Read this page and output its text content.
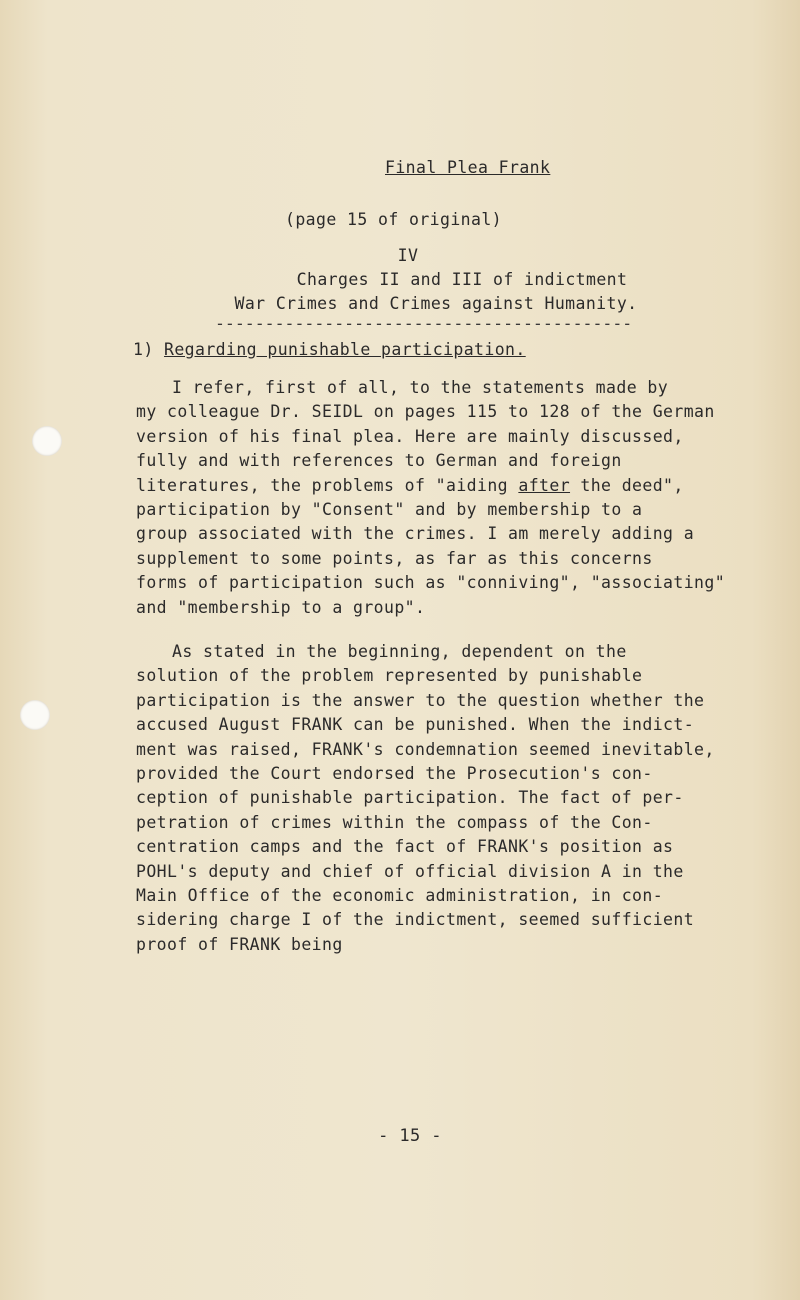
Final Plea Frank
(page 15 of original)
IV
Charges II and III of indictment
War Crimes and Crimes against Humanity.
------------------------------------------
1) Regarding punishable participation.
I refer, first of all, to the statements made by
my colleague Dr. SEIDL on pages 115 to 128 of the German
version of his final plea. Here are mainly discussed,
fully and with references to German and foreign
literatures, the problems of "aiding after the deed",
participation by "Consent" and by membership to a
group associated with the crimes. I am merely adding a
supplement to some points, as far as this concerns
forms of participation such as "conniving", "associating"
and "membership to a group".
As stated in the beginning, dependent on the
solution of the problem represented by punishable
participation is the answer to the question whether the
accused August FRANK can be punished. When the indict-
ment was raised, FRANK's condemnation seemed inevitable,
provided the Court endorsed the Prosecution's con-
ception of punishable participation. The fact of per-
petration of crimes within the compass of the Con-
centration camps and the fact of FRANK's position as
POHL's deputy and chief of official division A in the
Main Office of the economic administration, in con-
sidering charge I of the indictment, seemed sufficient
proof of FRANK being
- 15 -
